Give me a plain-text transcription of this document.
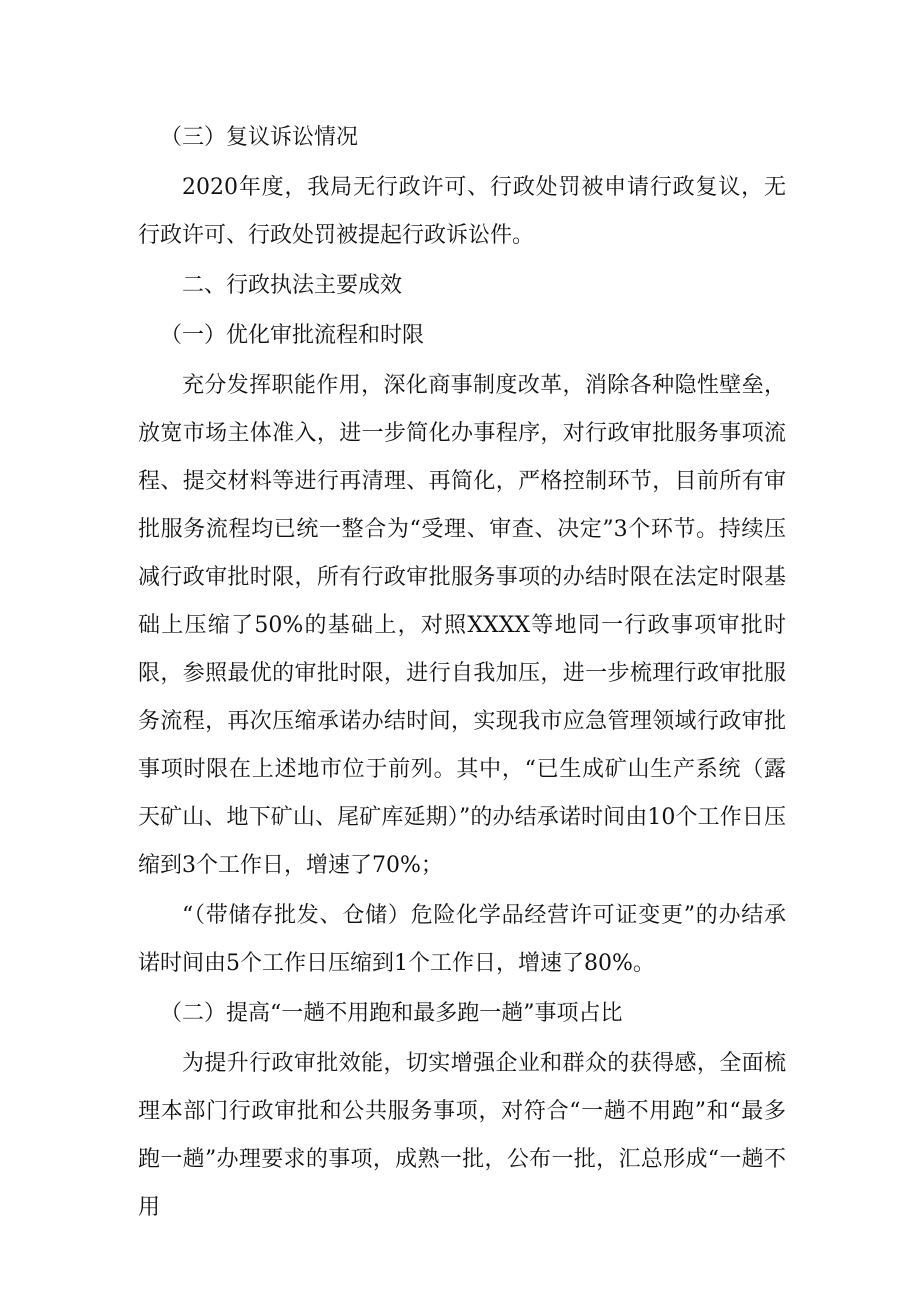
（三）复议诉讼情况

2020年度，我局无行政许可、行政处罚被申请行政复议，无行政许可、行政处罚被提起行政诉讼件。

二、行政执法主要成效

（一）优化审批流程和时限

充分发挥职能作用，深化商事制度改革，消除各种隐性壁垒，放宽市场主体准入，进一步简化办事程序，对行政审批服务事项流程、提交材料等进行再清理、再简化，严格控制环节，目前所有审批服务流程均已统一整合为“受理、审查、决定”3个环节。持续压减行政审批时限，所有行政审批服务事项的办结时限在法定时限基础上压缩了50%的基础上，对照XXXX等地同一行政事项审批时限，参照最优的审批时限，进行自我加压，进一步梳理行政审批服务流程，再次压缩承诺办结时间，实现我市应急管理领域行政审批事项时限在上述地市位于前列。其中，“已生成矿山生产系统（露天矿山、地下矿山、尾矿库延期）”的办结承诺时间由10个工作日压缩到3个工作日，增速了70%；

“（带储存批发、仓储）危险化学品经营许可证变更”的办结承诺时间由5个工作日压缩到1个工作日，增速了80%。

（二）提高“一趟不用跑和最多跑一趟”事项占比

为提升行政审批效能，切实增强企业和群众的获得感，全面梳理本部门行政审批和公共服务事项，对符合“一趟不用跑”和“最多跑一趟”办理要求的事项，成熟一批，公布一批，汇总形成“一趟不用
